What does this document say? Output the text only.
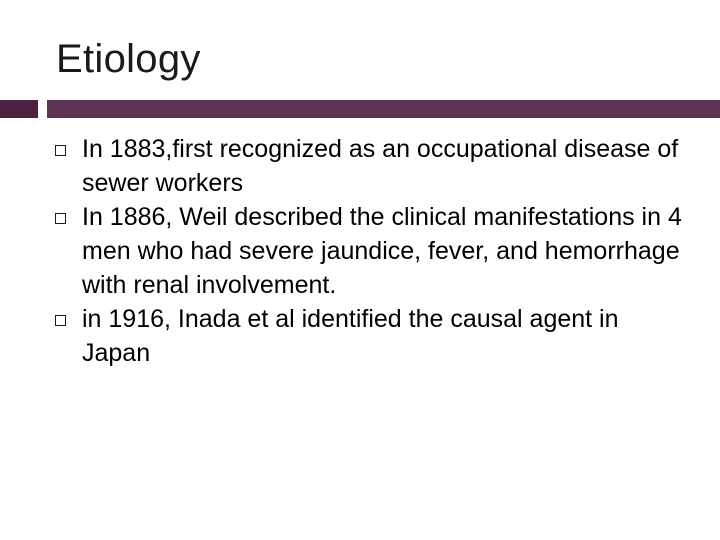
Etiology
In 1883,first recognized as an occupational disease of sewer workers
In 1886, Weil described the clinical manifestations in 4 men who had severe jaundice, fever, and hemorrhage with renal involvement.
in 1916, Inada et al identified the causal agent in Japan
